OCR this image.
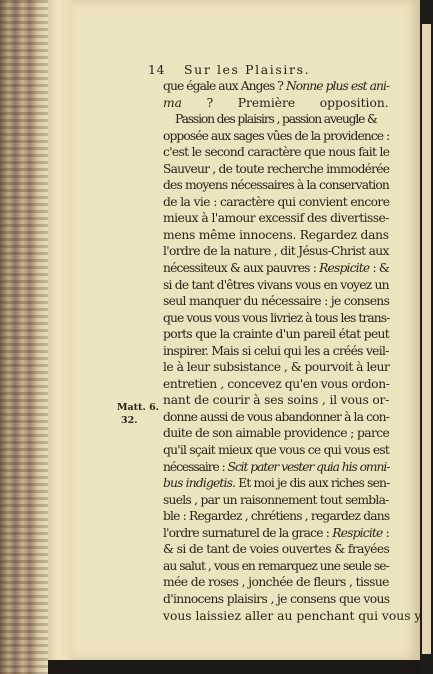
14 Sur les Plaisirs.
Matt. 6.
32.
que égale aux Anges ? Nonne plus est ani-
ma ? Première opposition.
Passion des plaisirs , passion aveugle &
opposée aux sages vûes de la providence :
c'est le second caractère que nous fait le
Sauveur , de toute recherche immodérée
des moyens nécessaires à la conservation
de la vie : caractère qui convient encore
mieux à l'amour excessif des divertisse-
mens même innocens. Regardez dans
l'ordre de la nature , dit Jésus-Christ aux
nécessiteux & aux pauvres : Respicite : &
si de tant d'êtres vivans vous en voyez un
seul manquer du nécessaire : je consens
que vous vous vous livriez à tous les trans-
ports que la crainte d'un pareil état peut
inspirer. Mais si celui qui les a créés veil-
le à leur subsistance , & pourvoit à leur
entretien , concevez qu'en vous ordon-
nant de courir à ses soins , il vous or-
donne aussi de vous abandonner à la con-
duite de son aimable providence ; parce
qu'il sçait mieux que vous ce qui vous est
nécessaire : Scit pater vester quia his omni-
bus indigetis. Et moi je dis aux riches sen-
suels , par un raisonnement tout sembla-
ble : Regardez , chrétiens , regardez dans
l'ordre surnaturel de la grace : Respicite :
& si de tant de voies ouvertes & frayées
au salut , vous en remarquez une seule se-
mée de roses , jonchée de fleurs , tissue
d'innocens plaisirs , je consens que vous
vous laissiez aller au penchant qui vous y
